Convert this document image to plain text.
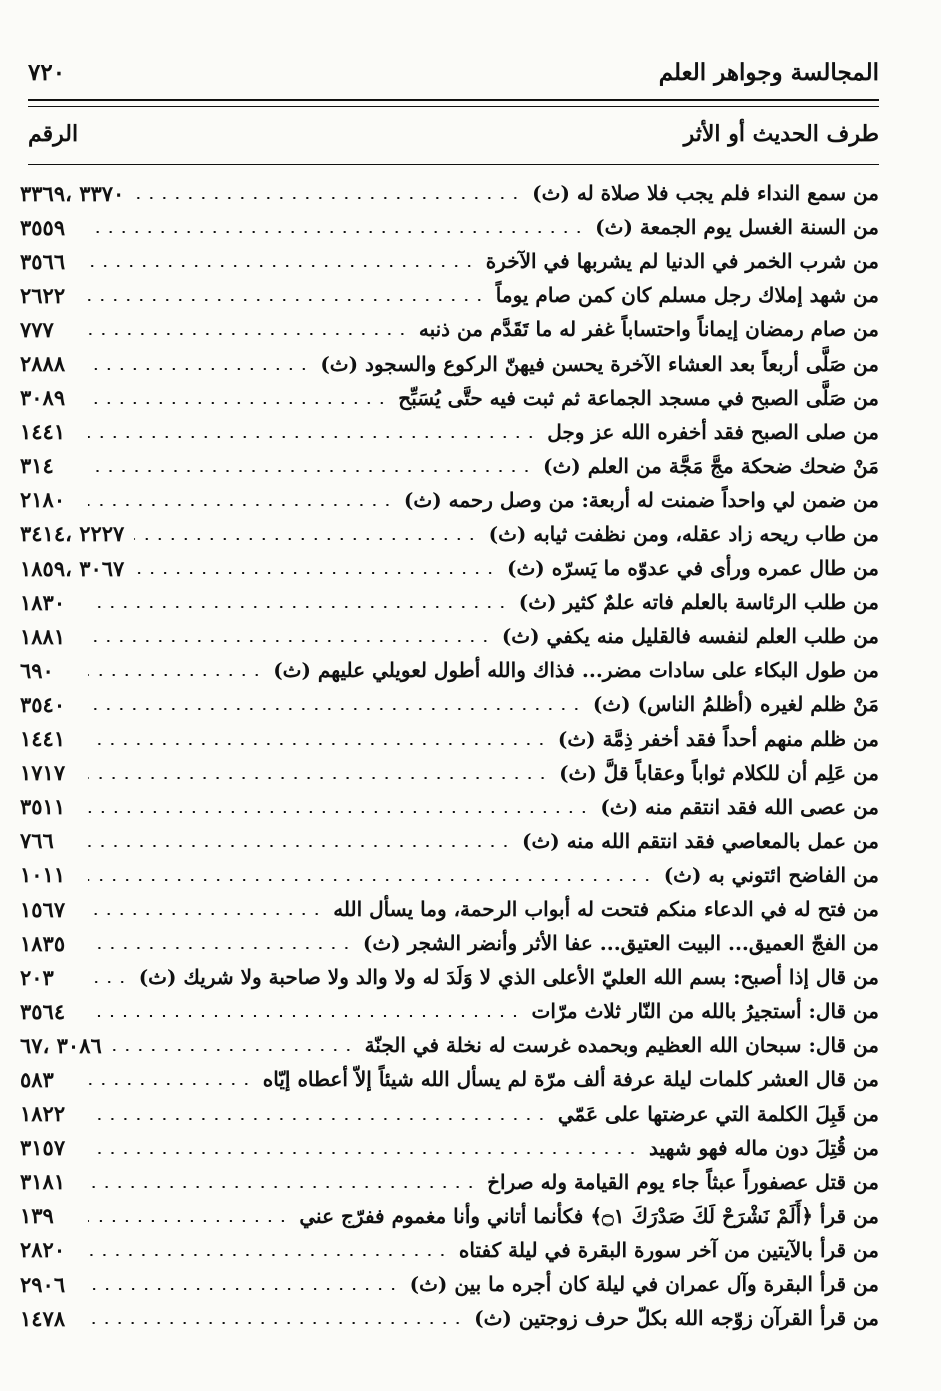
٧٢٠	المجالسة وجواهر العلم
الرقم	طرف الحديث أو الأثر
من سمع النداء فلم يجب فلا صلاة له (ث)
٣٣٧٠ ،٣٣٦٩
من السنة الغسل يوم الجمعة (ث)
٣٥٥٩
من شرب الخمر في الدنيا لم يشربها في الآخرة
٣٥٦٦
من شهد إملاك رجل مسلم كان كمن صام يوماً
٢٦٢٢
من صام رمضان إيماناً واحتساباً غفر له ما تَقَدَّم من ذنبه
٧٧٧
من صَلَّى أربعاً بعد العشاء الآخرة يحسن فيهنّ الركوع والسجود (ث)
٢٨٨٨
من صَلَّى الصبح في مسجد الجماعة ثم ثبت فيه حتَّى يُسَبِّح
٣٠٨٩
من صلى الصبح فقد أخفره الله عز وجل
١٤٤١
مَنْ ضحك ضحكة مجَّ مَجَّة من العلم (ث)
٣١٤
من ضمن لي واحداً ضمنت له أربعة: من وصل رحمه (ث)
٢١٨٠
من طاب ريحه زاد عقله، ومن نظفت ثيابه (ث)
٢٢٢٧ ،٣٤١٤
من طال عمره ورأى في عدوّه ما يَسرّه (ث)
٣٠٦٧ ،١٨٥٩
من طلب الرئاسة بالعلم فاته علمٌ كثير (ث)
١٨٣٠
من طلب العلم لنفسه فالقليل منه يكفي (ث)
١٨٨١
من طول البكاء على سادات مضر... فذاك والله أطول لعويلي عليهم (ث)
٦٩٠
مَنْ ظلم لغيره (أظلمُ الناس) (ث)
٣٥٤٠
من ظلم منهم أحداً فقد أخفر ذِمَّة (ث)
١٤٤١
من عَلِم أن للكلام ثواباً وعقاباً قلَّ (ث)
١٧١٧
من عصى الله فقد انتقم منه (ث)
٣٥١١
من عمل بالمعاصي فقد انتقم الله منه (ث)
٧٦٦
من الفاضح ائتوني به (ث)
١٠١١
من فتح له في الدعاء منكم فتحت له أبواب الرحمة، وما يسأل الله
١٥٦٧
من الفجّ العميق... البيت العتيق... عفا الأثر وأنضر الشجر (ث)
١٨٣٥
من قال إذا أصبح: بسم الله العليّ الأعلى الذي لا وَلَدَ له ولا والد ولا صاحبة ولا شريك (ث)
٢٠٣
من قال: أستجيرُ بالله من النّار ثلاث مرّات
٣٥٦٤
من قال: سبحان الله العظيم وبحمده غرست له نخلة في الجنّة
٣٠٨٦ ،٦٧
من قال العشر كلمات ليلة عرفة ألف مرّة لم يسأل الله شيئاً إلاّ أعطاه إيّاه
٥٨٣
من قَبِلَ الكلمة التي عرضتها على عَمّي
١٨٢٢
من قُتِلَ دون ماله فهو شهيد
٣١٥٧
من قتل عصفوراً عبثاً جاء يوم القيامة وله صراخ
٣١٨١
من قرأ ﴿أَلَمْ نَشْرَحْ لَكَ صَدْرَكَ ۝١﴾ فكأنما أتاني وأنا مغموم ففرّج عني
١٣٩
من قرأ بالآيتين من آخر سورة البقرة في ليلة كفتاه
٢٨٢٠
من قرأ البقرة وآل عمران في ليلة كان أجره ما بين (ث)
٢٩٠٦
من قرأ القرآن زوّجه الله بكلّ حرف زوجتين (ث)
١٤٧٨
